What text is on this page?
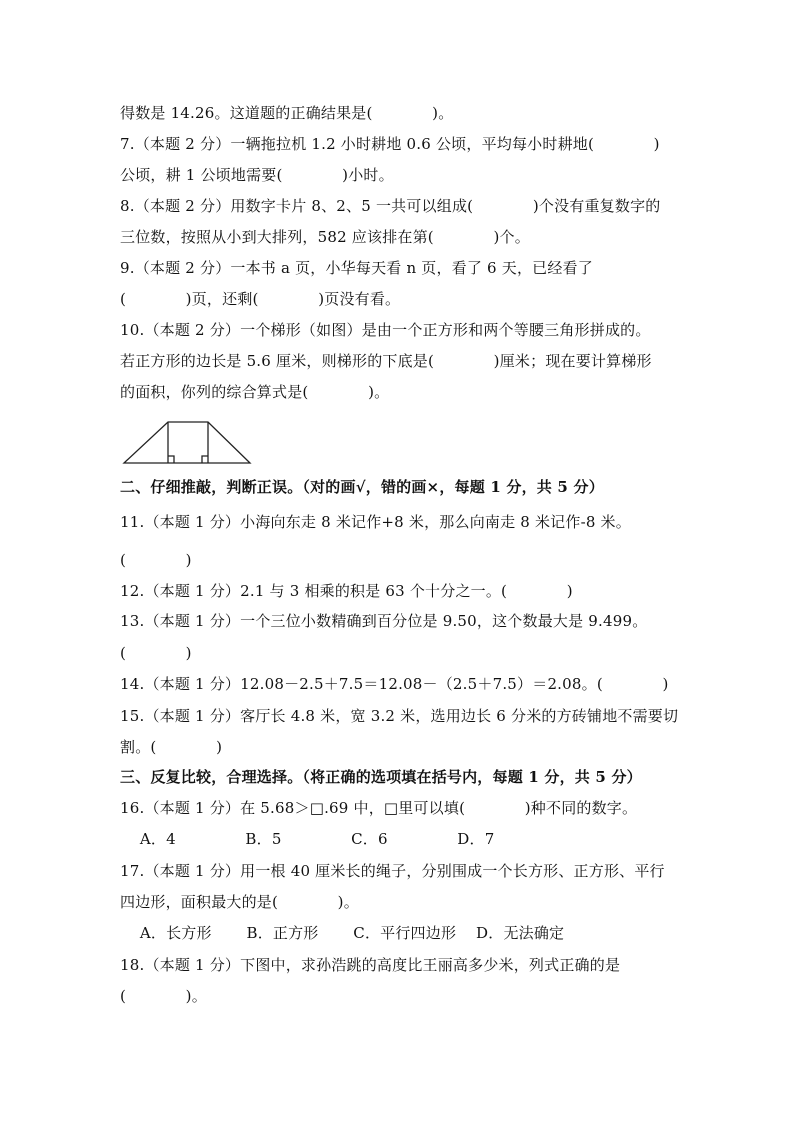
得数是 14.26。这道题的正确结果是(            )。
7.（本题 2 分）一辆拖拉机 1.2 小时耕地 0.6 公顷，平均每小时耕地(            )
公顷，耕 1 公顷地需要(            )小时。
8.（本题 2 分）用数字卡片 8、2、5 一共可以组成(            )个没有重复数字的
三位数，按照从小到大排列，582 应该排在第(            )个。
9.（本题 2 分）一本书 a 页，小华每天看 n 页，看了 6 天，已经看了
(            )页，还剩(            )页没有看。
10.（本题 2 分）一个梯形（如图）是由一个正方形和两个等腰三角形拼成的。
若正方形的边长是 5.6 厘米，则梯形的下底是(            )厘米；现在要计算梯形
的面积，你列的综合算式是(            )。
二、仔细推敲，判断正误。（对的画√，错的画×，每题 1 分，共 5 分）
11.（本题 1 分）小海向东走 8 米记作+8 米，那么向南走 8 米记作-8 米。
(            )
12.（本题 1 分）2.1 与 3 相乘的积是 63 个十分之一。(            )
13.（本题 1 分）一个三位小数精确到百分位是 9.50，这个数最大是 9.499。
(            )
14.（本题 1 分）12.08－2.5＋7.5＝12.08－（2.5＋7.5）＝2.08。(            )
15.（本题 1 分）客厅长 4.8 米，宽 3.2 米，选用边长 6 分米的方砖铺地不需要切
割。(            )
三、反复比较，合理选择。（将正确的选项填在括号内，每题 1 分，共 5 分）
16.（本题 1 分）在 5.68＞□.69 中，□里可以填(            )种不同的数字。
A．4              B．5              C．6              D．7
17.（本题 1 分）用一根 40 厘米长的绳子，分别围成一个长方形、正方形、平行
四边形，面积最大的是(            )。
A．长方形       B．正方形       C．平行四边形    D．无法确定
18.（本题 1 分）下图中，求孙浩跳的高度比王丽高多少米，列式正确的是
(            )。
